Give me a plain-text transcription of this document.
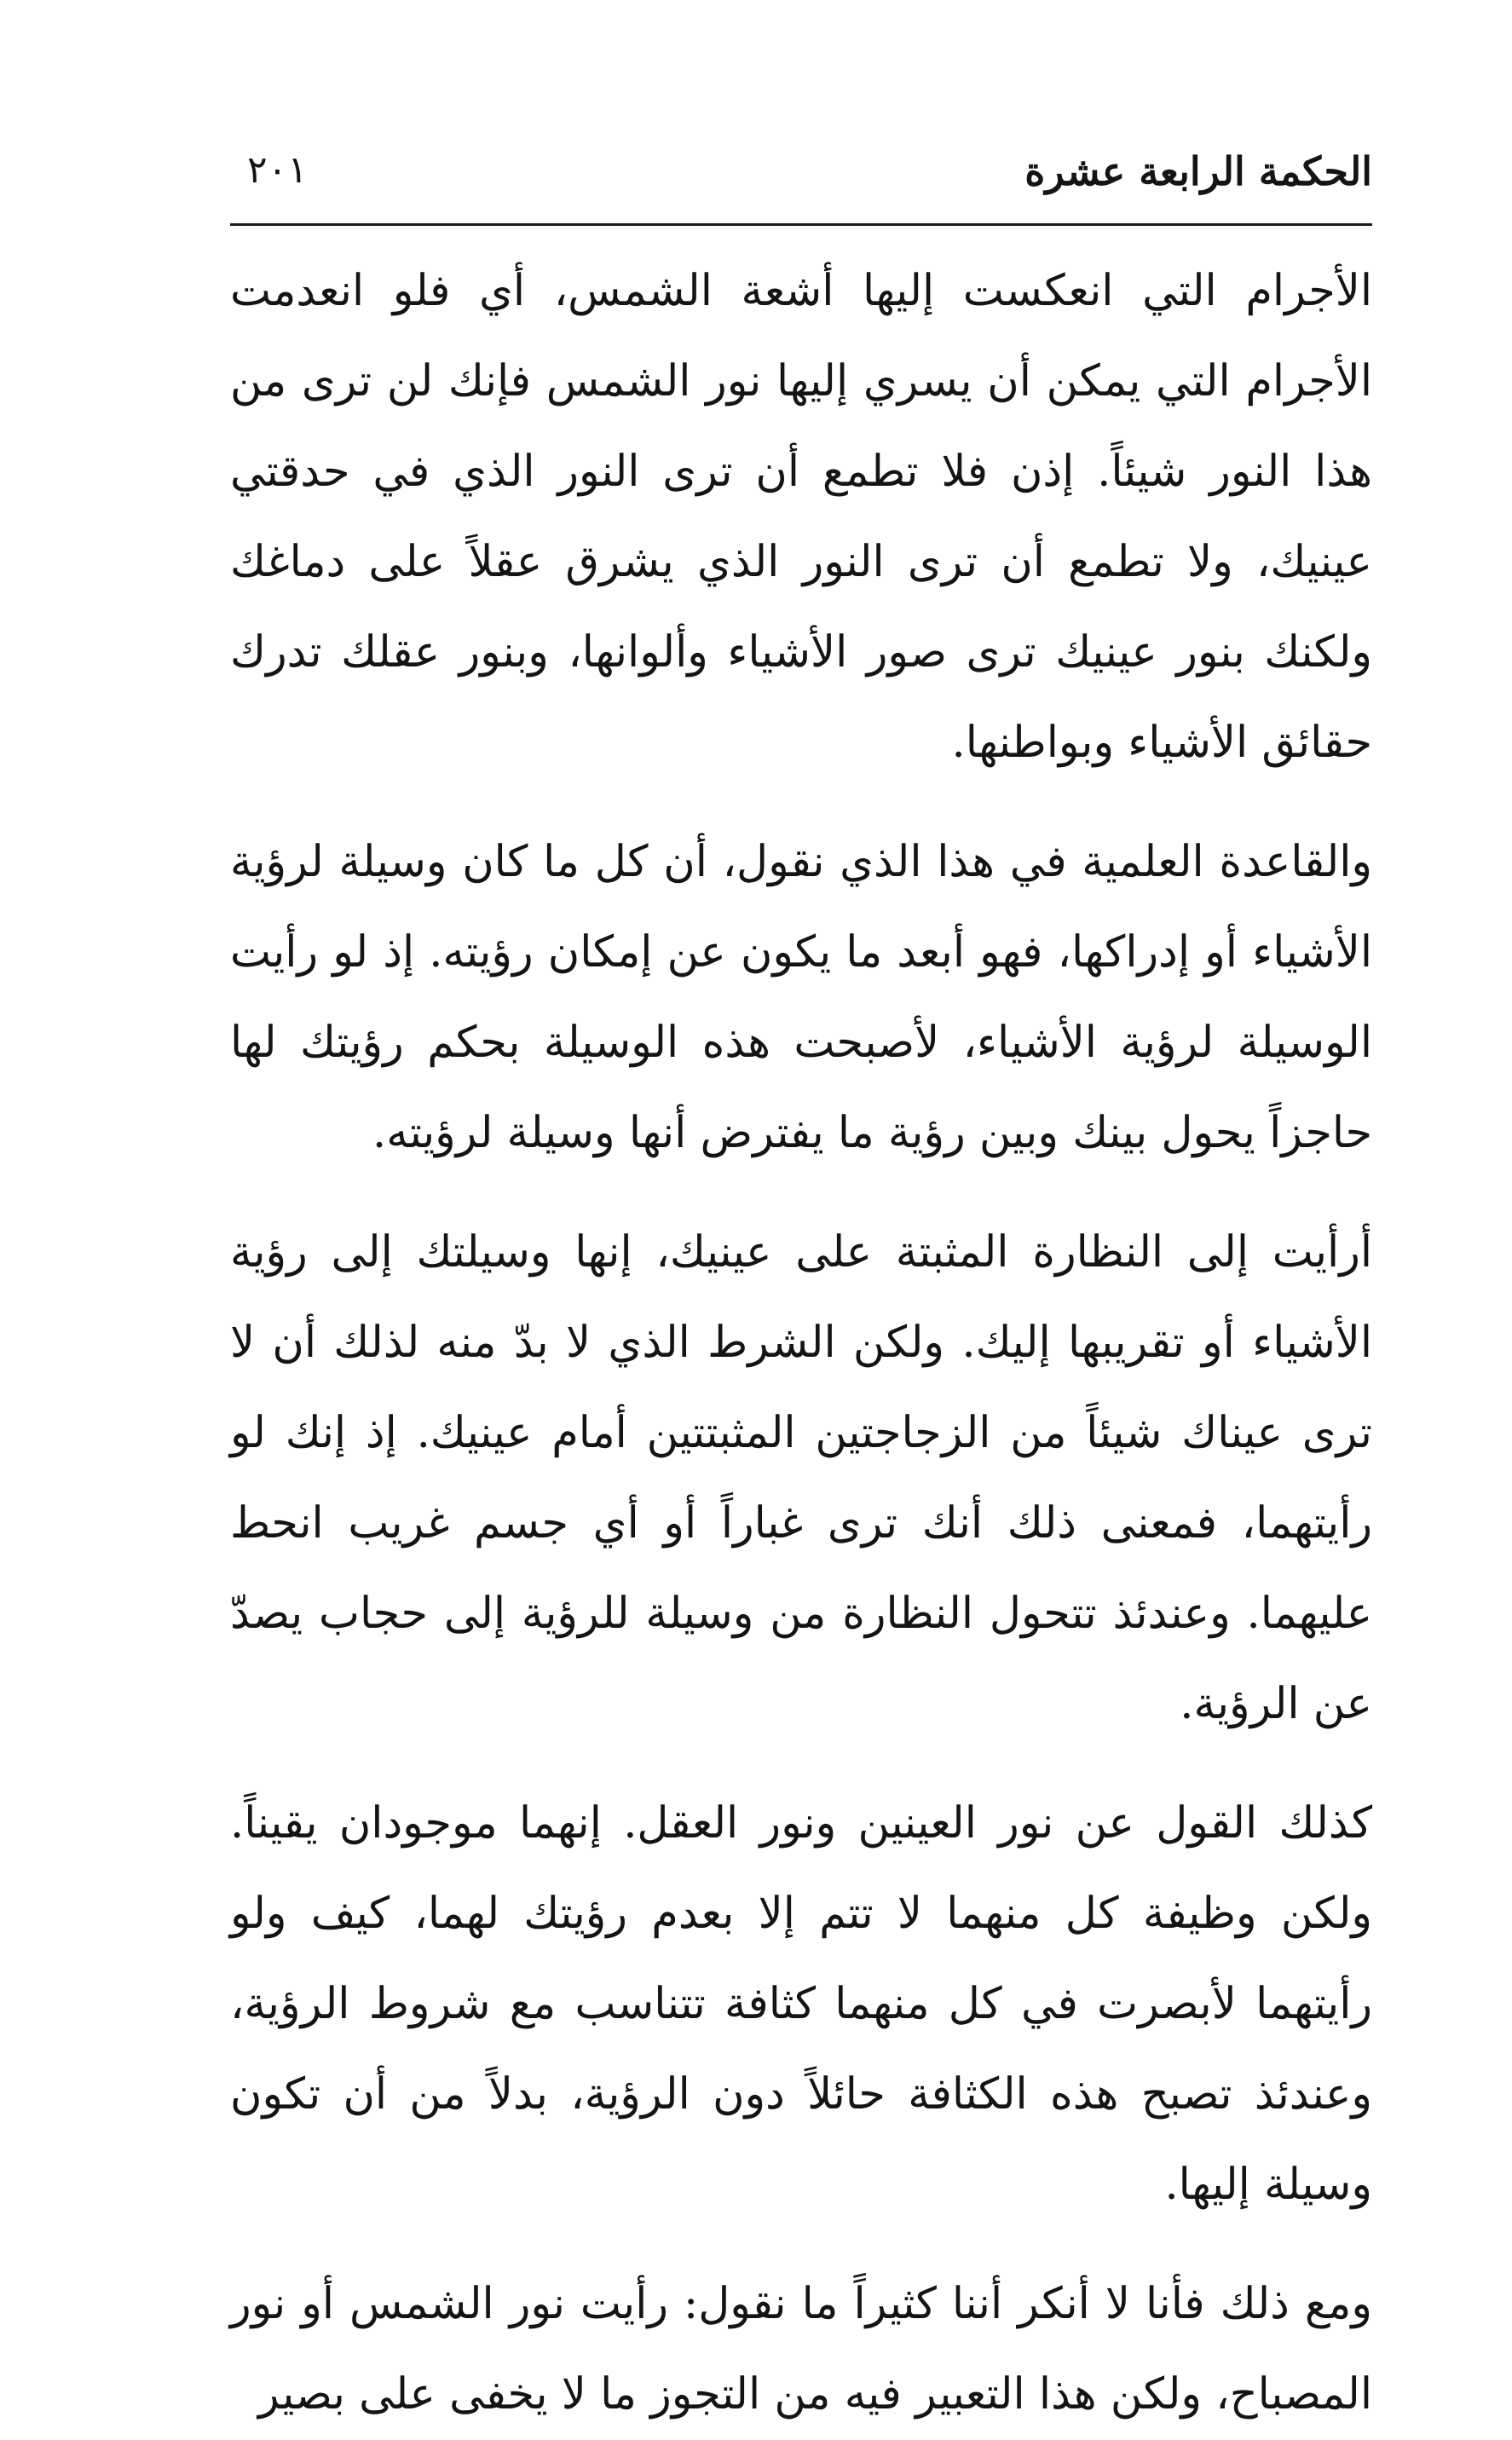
الحكمة الرابعة عشرة
٢٠١

الأجرام التي انعكست إليها أشعة الشمس، أي فلو انعدمت الأجرام التي يمكن أن يسري إليها نور الشمس فإنك لن ترى من هذا النور شيئاً. إذن فلا تطمع أن ترى النور الذي في حدقتي عينيك، ولا تطمع أن ترى النور الذي يشرق عقلاً على دماغك ولكنك بنور عينيك ترى صور الأشياء وألوانها، وبنور عقلك تدرك حقائق الأشياء وبواطنها.

والقاعدة العلمية في هذا الذي نقول، أن كل ما كان وسيلة لرؤية الأشياء أو إدراكها، فهو أبعد ما يكون عن إمكان رؤيته. إذ لو رأيت الوسيلة لرؤية الأشياء، لأصبحت هذه الوسيلة بحكم رؤيتك لها حاجزاً يحول بينك وبين رؤية ما يفترض أنها وسيلة لرؤيته.

أرأيت إلى النظارة المثبتة على عينيك، إنها وسيلتك إلى رؤية الأشياء أو تقريبها إليك. ولكن الشرط الذي لا بدّ منه لذلك أن لا ترى عيناك شيئاً من الزجاجتين المثبتتين أمام عينيك. إذ إنك لو رأيتهما، فمعنى ذلك أنك ترى غباراً أو أي جسم غريب انحط عليهما. وعندئذ تتحول النظارة من وسيلة للرؤية إلى حجاب يصدّ عن الرؤية.

كذلك القول عن نور العينين ونور العقل. إنهما موجودان يقيناً. ولكن وظيفة كل منهما لا تتم إلا بعدم رؤيتك لهما، كيف ولو رأيتهما لأبصرت في كل منهما كثافة تتناسب مع شروط الرؤية، وعندئذ تصبح هذه الكثافة حائلاً دون الرؤية، بدلاً من أن تكون وسيلة إليها.

ومع ذلك فأنا لا أنكر أننا كثيراً ما نقول: رأيت نور الشمس أو نور المصباح، ولكن هذا التعبير فيه من التجوز ما لا يخفى على بصير
